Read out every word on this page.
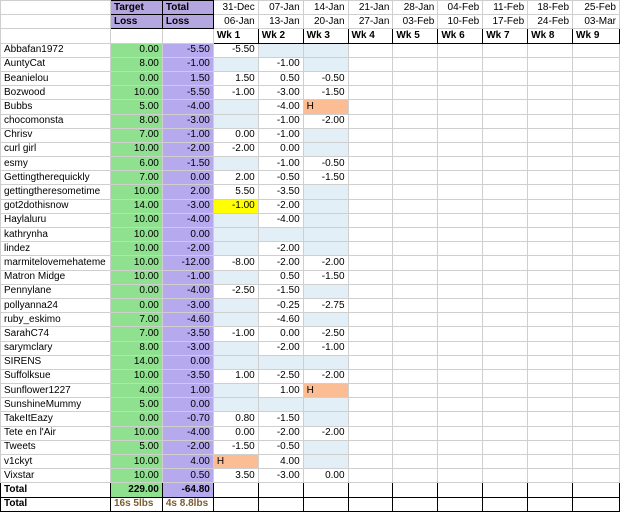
	Target	Total	31-Dec	07-Jan	14-Jan	21-Jan	28-Jan	04-Feb	11-Feb	18-Feb	25-Feb
	Loss	Loss	06-Jan	13-Jan	20-Jan	27-Jan	03-Feb	10-Feb	17-Feb	24-Feb	03-Mar
			Wk 1	Wk 2	Wk 3	Wk 4	Wk 5	Wk 6	Wk 7	Wk 8	Wk 9
Abbafan1972	0.00	-5.50	-5.50								
AuntyCat	8.00	-1.00		-1.00							
Beanielou	0.00	1.50	1.50	0.50	-0.50						
Bozwood	10.00	-5.50	-1.00	-3.00	-1.50						
Bubbs	5.00	-4.00		-4.00	H						
chocomonsta	8.00	-3.00		-1.00	-2.00						
Chrisv	7.00	-1.00	0.00	-1.00							
curl girl	10.00	-2.00	-2.00	0.00							
esmy	6.00	-1.50		-1.00	-0.50						
Gettingtherequickly	7.00	0.00	2.00	-0.50	-1.50						
gettingtheresometime	10.00	2.00	5.50	-3.50							
got2dothisnow	14.00	-3.00	-1.00	-2.00							
Haylaluru	10.00	-4.00		-4.00							
kathrynha	10.00	0.00									
lindez	10.00	-2.00		-2.00							
marmitelovemehateme	10.00	-12.00	-8.00	-2.00	-2.00						
Matron Midge	10.00	-1.00		0.50	-1.50						
Pennylane	0.00	-4.00	-2.50	-1.50							
pollyanna24	0.00	-3.00		-0.25	-2.75						
ruby_eskimo	7.00	-4.60		-4.60							
SarahC74	7.00	-3.50	-1.00	0.00	-2.50						
sarymclary	8.00	-3.00		-2.00	-1.00						
SIRENS	14.00	0.00									
Suffolksue	10.00	-3.50	1.00	-2.50	-2.00						
Sunflower1227	4.00	1.00		1.00	H						
SunshineMummy	5.00	0.00									
TakeItEazy	0.00	-0.70	0.80	-1.50							
Tete en l'Air	10.00	-4.00	0.00	-2.00	-2.00						
Tweets	5.00	-2.00	-1.50	-0.50							
v1ckyt	10.00	4.00	H	4.00							
Vixstar	10.00	0.50	3.50	-3.00	0.00						
Total	229.00	-64.80									
Total	16s 5lbs	4s 8.8lbs									
